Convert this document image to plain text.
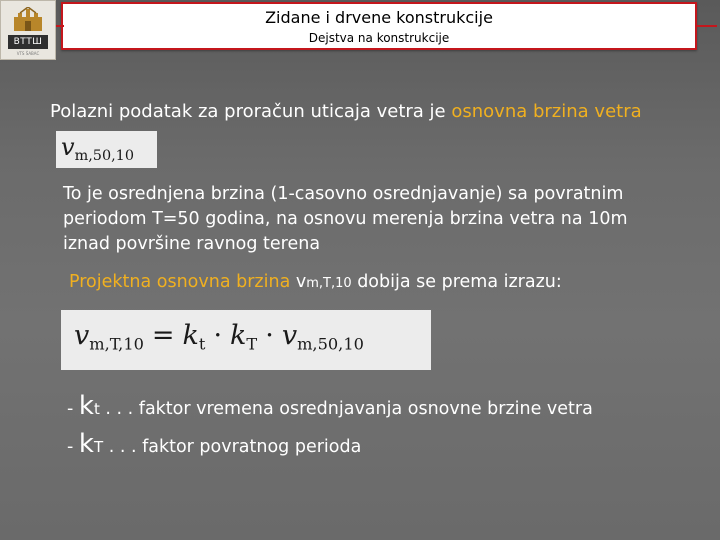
ВТТШ
VTS ŠABAC
Zidane i drvene konstrukcije
Dejstva na konstrukcije
Polazni podatak za proračun uticaja vetra je osnovna brzina vetra
$v_{m,50,10}$
To je osrednjena brzina (1-casovno osrednjavanje) sa povratnim
periodom T=50 godina, na osnovu merenja brzina vetra na 10m
iznad površine ravnog terena
Projektna osnovna brzina vm,T,10 dobija se prema izrazu:
$v_{m,T,10} = k_t \cdot k_T \cdot v_{m,50,10}$
- kt . . . faktor vremena osrednjavanja osnovne brzine vetra
- kT . . . faktor povratnog perioda
